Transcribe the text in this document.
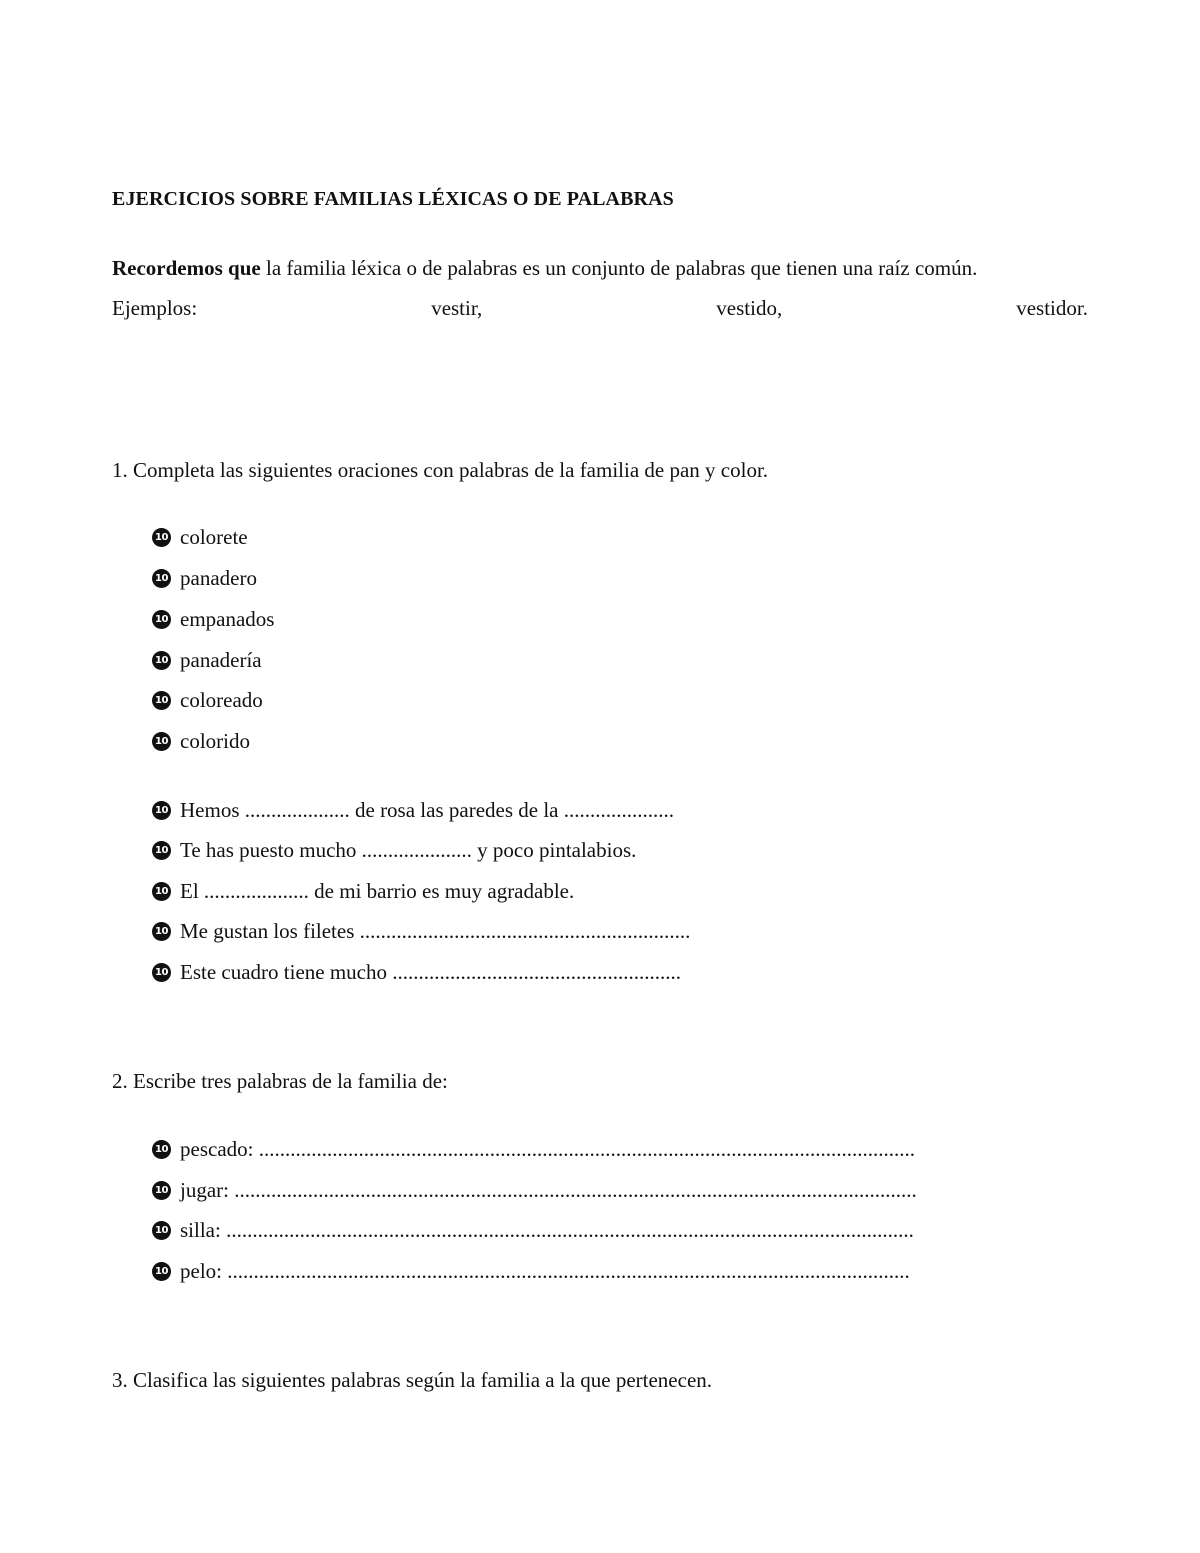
EJERCICIOS SOBRE FAMILIAS LÉXICAS O DE PALABRAS
Recordemos que la familia léxica o de palabras es un conjunto de palabras que tienen una raíz común.
Ejemplos:	vestir,	vestido,	vestidor.
1. Completa las siguientes oraciones con palabras de la familia de pan y color.
10 colorete
10 panadero
10 empanados
10 panadería
10 coloreado
10 colorido
10 Hemos .................... de rosa las paredes de la .....................
10 Te has puesto mucho ..................... y poco pintalabios.
10 El .................... de mi barrio es muy agradable.
10 Me gustan los filetes ...............................................................
10 Este cuadro tiene mucho .......................................................
2. Escribe tres palabras de la familia de:
10 pescado: .............................................................................................................................
10 jugar: ..................................................................................................................................
10 silla: ...................................................................................................................................
10 pelo: ..................................................................................................................................
3. Clasifica las siguientes palabras según la familia a la que pertenecen.
